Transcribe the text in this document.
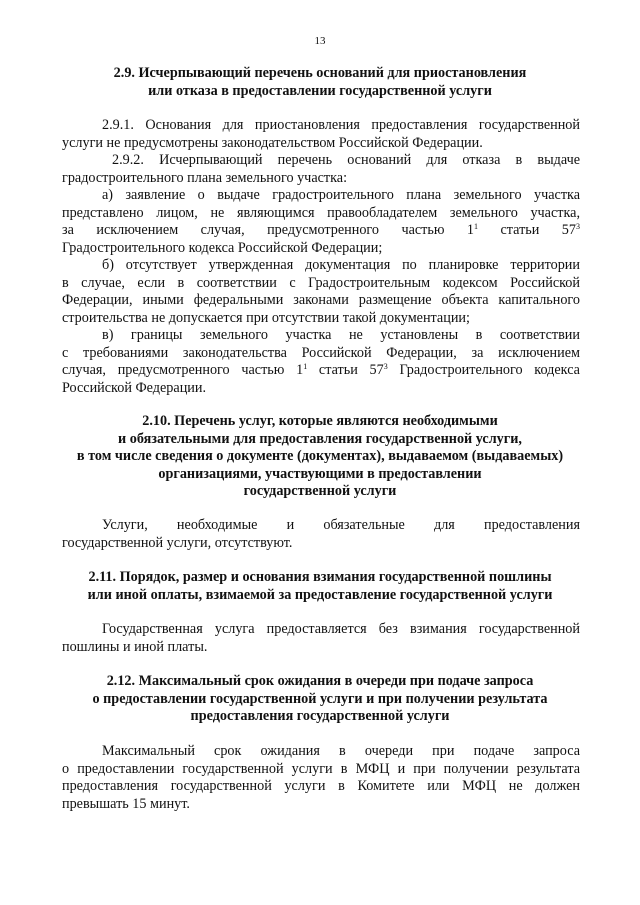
13
2.9. Исчерпывающий перечень оснований для приостановления
или отказа в предоставлении государственной услуги
2.9.1. Основания для приостановления предоставления государственной
услуги не предусмотрены законодательством Российской Федерации.
2.9.2. Исчерпывающий перечень оснований для отказа в выдаче
градостроительного плана земельного участка:
а) заявление о выдаче градостроительного плана земельного участка
представлено лицом, не являющимся правообладателем земельного участка,
за исключением случая, предусмотренного частью $1^1$ статьи $57^3$
Градостроительного кодекса Российской Федерации;
б) отсутствует утвержденная документация по планировке территории
в случае, если в соответствии с Градостроительным кодексом Российской
Федерации, иными федеральными законами размещение объекта капитального
строительства не допускается при отсутствии такой документации;
в) границы земельного участка не установлены в соответствии
с требованиями законодательства Российской Федерации, за исключением
случая, предусмотренного частью $1^1$ статьи $57^3$ Градостроительного кодекса
Российской Федерации.
2.10. Перечень услуг, которые являются необходимыми
и обязательными для предоставления государственной услуги,
в том числе сведения о документе (документах), выдаваемом (выдаваемых)
организациями, участвующими в предоставлении
государственной услуги
Услуги, необходимые и обязательные для предоставления
государственной услуги, отсутствуют.
2.11. Порядок, размер и основания взимания государственной пошлины
или иной оплаты, взимаемой за предоставление государственной услуги
Государственная услуга предоставляется без взимания государственной
пошлины и иной платы.
2.12. Максимальный срок ожидания в очереди при подаче запроса
о предоставлении государственной услуги и при получении результата
предоставления государственной услуги
Максимальный срок ожидания в очереди при подаче запроса
о предоставлении государственной услуги в МФЦ и при получении результата
предоставления государственной услуги в Комитете или МФЦ не должен
превышать 15 минут.
